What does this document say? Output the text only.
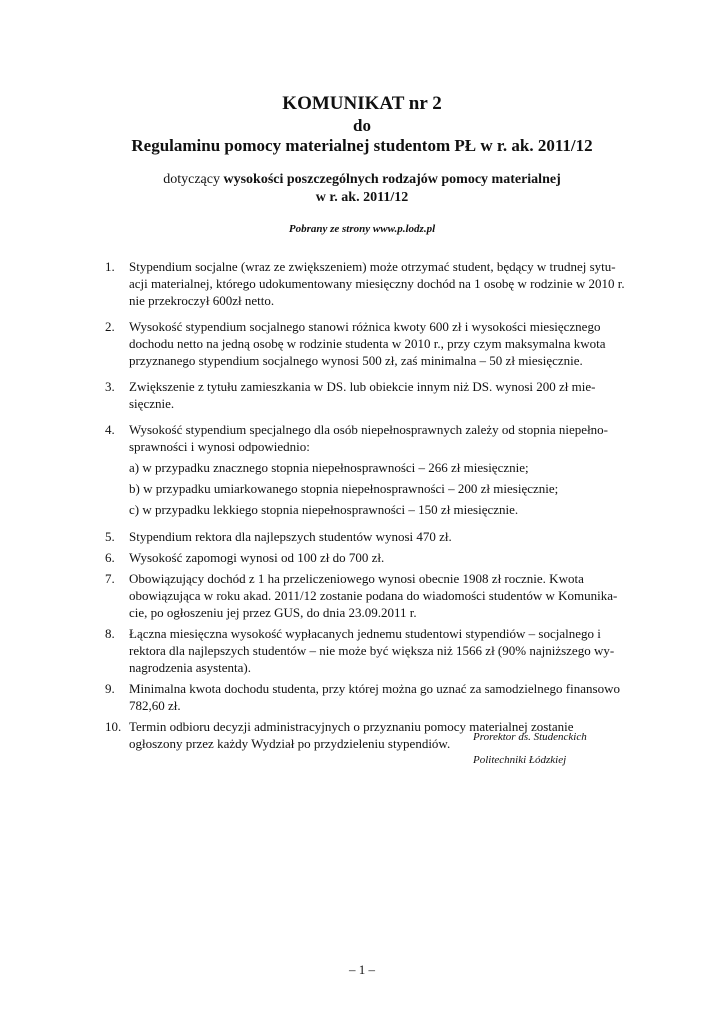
KOMUNIKAT nr 2
do
Regulaminu pomocy materialnej studentom PŁ w r. ak. 2011/12
dotyczący wysokości poszczególnych rodzajów pomocy materialnej
w r. ak. 2011/12
Pobrany ze strony www.p.lodz.pl
1. Stypendium socjalne (wraz ze zwiększeniem) może otrzymać student, będący w trudnej sytu-
acji materialnej, którego udokumentowany miesięczny dochód na 1 osobę w rodzinie w 2010 r.
nie przekroczył 600zł netto.
2. Wysokość stypendium socjalnego stanowi różnica kwoty 600 zł i wysokości miesięcznego
dochodu netto na jedną osobę w rodzinie studenta w 2010 r., przy czym maksymalna kwota
przyznanego stypendium socjalnego wynosi 500 zł, zaś minimalna – 50 zł miesięcznie.
3. Zwiększenie z tytułu zamieszkania w DS. lub obiekcie innym niż DS. wynosi 200 zł mie-
sięcznie.
4. Wysokość stypendium specjalnego dla osób niepełnosprawnych zależy od stopnia niepełno-
sprawności i wynosi odpowiednio:
a) w przypadku znacznego stopnia niepełnosprawności – 266 zł miesięcznie;
b) w przypadku umiarkowanego stopnia niepełnosprawności – 200 zł miesięcznie;
c) w przypadku lekkiego stopnia niepełnosprawności – 150 zł miesięcznie.
5. Stypendium rektora dla najlepszych studentów wynosi 470 zł.
6. Wysokość zapomogi wynosi od 100 zł do 700 zł.
7. Obowiązujący dochód z 1 ha przeliczeniowego wynosi obecnie 1908 zł rocznie. Kwota
obowiązująca w roku akad. 2011/12 zostanie podana do wiadomości studentów w Komunika-
cie, po ogłoszeniu jej przez GUS, do dnia 23.09.2011 r.
8. Łączna miesięczna wysokość wypłacanych jednemu studentowi stypendiów – socjalnego i
rektora dla najlepszych studentów – nie może być większa niż 1566 zł (90% najniższego wy-
nagrodzenia asystenta).
9. Minimalna kwota dochodu studenta, przy której można go uznać za samodzielnego finansowo
782,60 zł.
10. Termin odbioru decyzji administracyjnych o przyznaniu pomocy materialnej zostanie
ogłoszony przez każdy Wydział po przydzieleniu stypendiów.	Prorektor ds. Studenckich
Politechniki Łódzkiej
– 1 –
